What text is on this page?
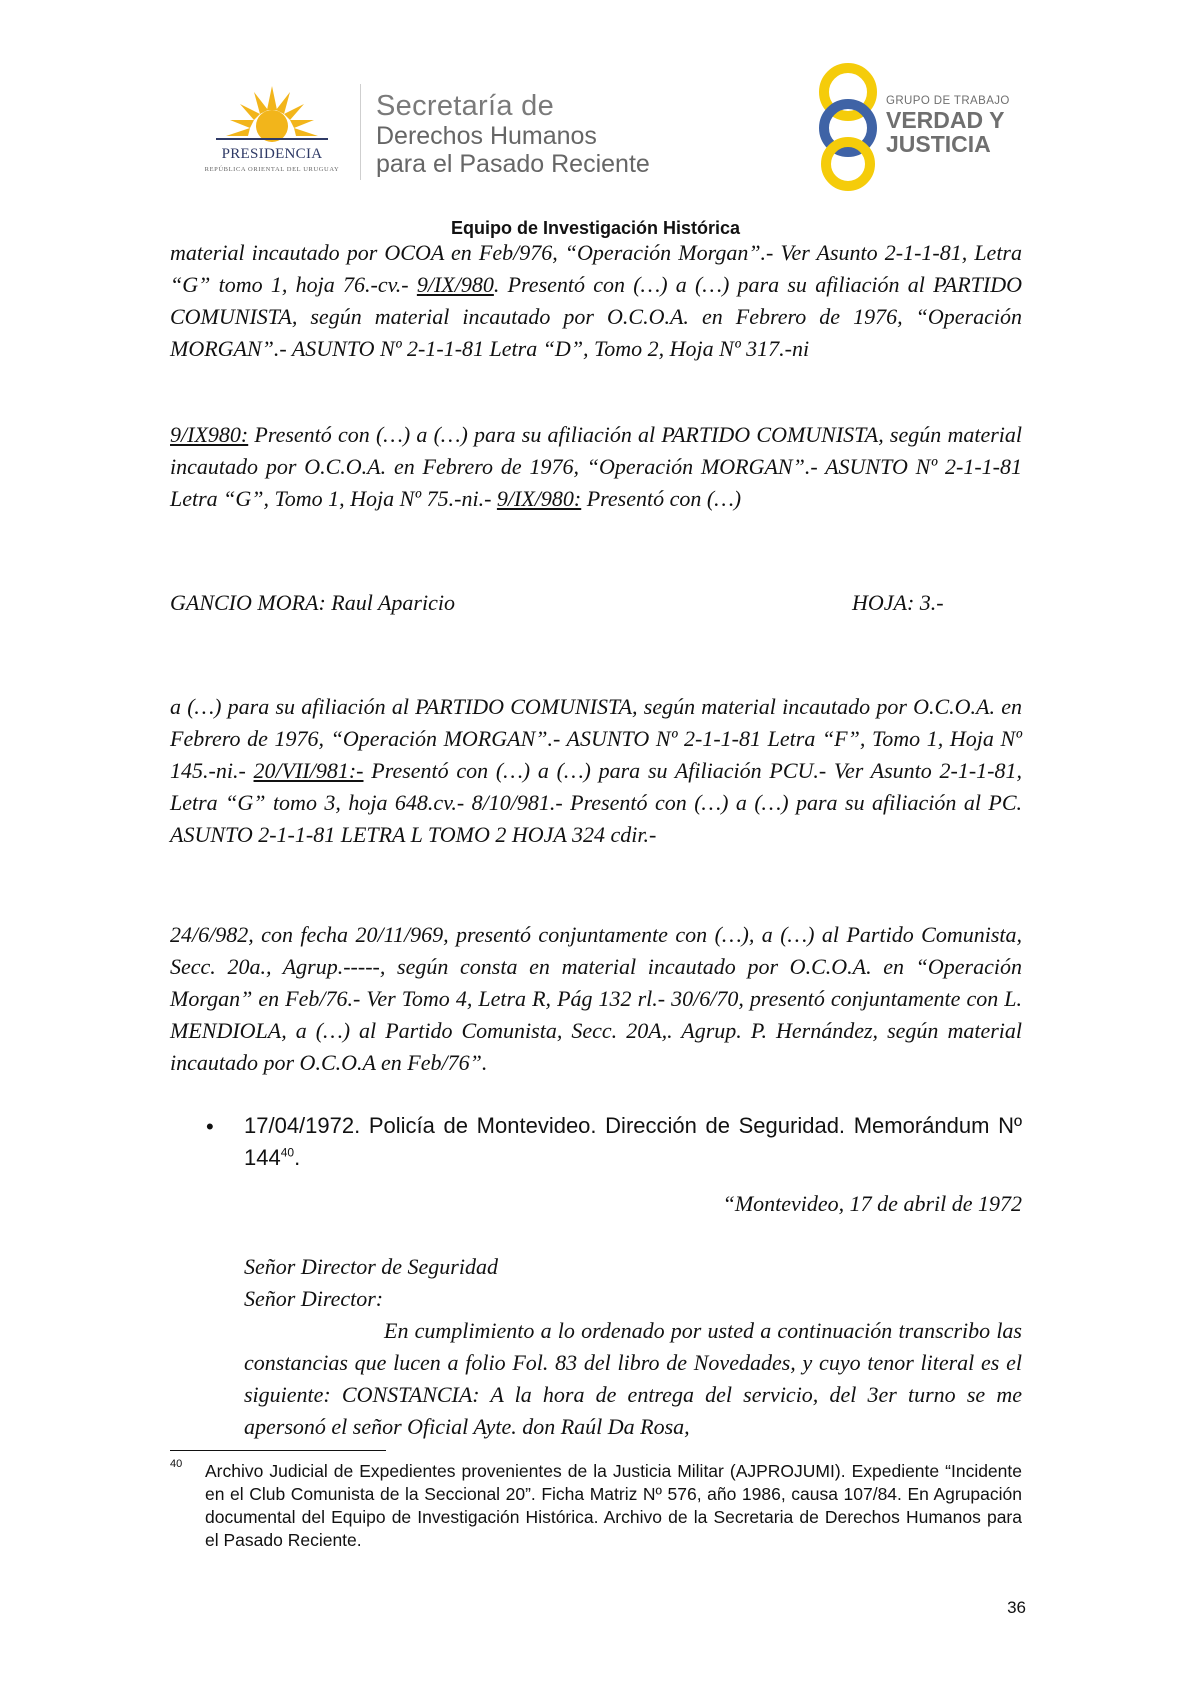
PRESIDENCIA
REPÚBLICA ORIENTAL DEL URUGUAY
Secretaría de
Derechos Humanos
para el Pasado Reciente
GRUPO DE TRABAJO
VERDAD Y
JUSTICIA
Equipo de Investigación Histórica
material incautado por OCOA en Feb/976, “Operación Morgan”.- Ver Asunto 2-1-1-81, Letra “G” tomo 1, hoja 76.-cv.- 9/IX/980. Presentó con (…) a (…) para su afiliación al PARTIDO COMUNISTA, según material incautado por O.C.O.A. en Febrero de 1976, “Operación MORGAN”.- ASUNTO Nº 2-1-1-81 Letra “D”, Tomo 2, Hoja Nº 317.-ni
9/IX980: Presentó con (…) a (…) para su afiliación al PARTIDO COMUNISTA, según material incautado por O.C.O.A. en Febrero de 1976, “Operación MORGAN”.- ASUNTO Nº 2-1-1-81 Letra “G”, Tomo 1, Hoja Nº 75.-ni.- 9/IX/980: Presentó con (…)
GANCIO MORA: Raul Aparicio	HOJA: 3.-
a (…) para su afiliación al PARTIDO COMUNISTA, según material incautado por O.C.O.A. en Febrero de 1976, “Operación MORGAN”.- ASUNTO Nº 2-1-1-81 Letra “F”, Tomo 1, Hoja Nº 145.-ni.- 20/VII/981:- Presentó con (…) a (…) para su Afiliación PCU.- Ver Asunto 2-1-1-81, Letra “G” tomo 3, hoja 648.cv.- 8/10/981.- Presentó con (…) a (…) para su afiliación al PC. ASUNTO 2-1-1-81 LETRA L TOMO 2 HOJA 324 cdir.-
24/6/982, con fecha 20/11/969, presentó conjuntamente con (…), a (…) al Partido Comunista, Secc. 20a., Agrup.-----, según consta en material incautado por O.C.O.A. en “Operación Morgan” en Feb/76.- Ver Tomo 4, Letra R, Pág 132 rl.- 30/6/70, presentó conjuntamente con L. MENDIOLA, a (…) al Partido Comunista, Secc. 20A,. Agrup. P. Hernández, según material incautado por O.C.O.A en Feb/76”.
• 17/04/1972. Policía de Montevideo. Dirección de Seguridad. Memorándum Nº $144^{40}$.
“Montevideo, 17 de abril de 1972
Señor Director de Seguridad
Señor Director:
En cumplimiento a lo ordenado por usted a continuación transcribo las constancias que lucen a folio Fol. 83 del libro de Novedades, y cuyo tenor literal es el siguiente: CONSTANCIA: A la hora de entrega del servicio, del 3er turno se me apersonó el señor Oficial Ayte. don Raúl Da Rosa,
40 Archivo Judicial de Expedientes provenientes de la Justicia Militar (AJPROJUMI). Expediente “Incidente en el Club Comunista de la Seccional 20”. Ficha Matriz Nº 576, año 1986, causa 107/84. En Agrupación documental del Equipo de Investigación Histórica. Archivo de la Secretaria de Derechos Humanos para el Pasado Reciente.
36
